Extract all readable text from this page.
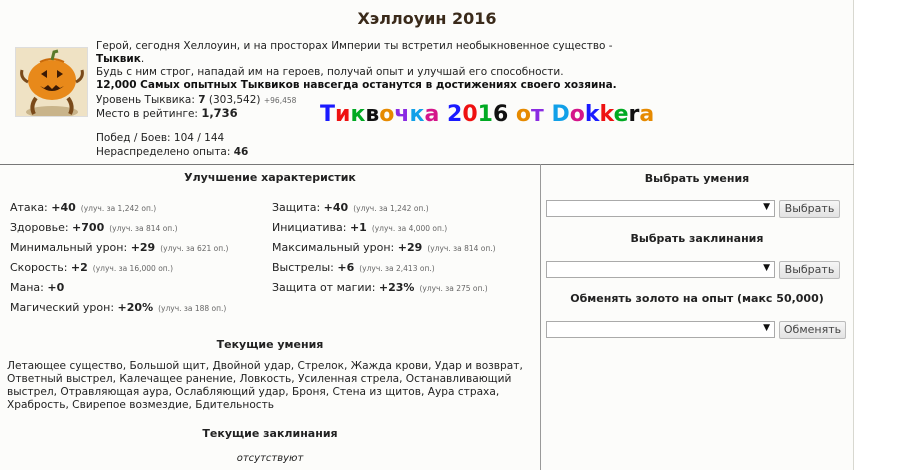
Хэллоуин 2016
Герой, сегодня Хеллоуин, и на просторах Империи ты встретил необыкновенное существо - Тыквик.
Будь с ним строг, нападай им на героев, получай опыт и улучшай его способности.
12,000 Самых опытных Тыквиков навсегда останутся в достижениях своего хозяина.
Уровень Тыквика: 7 (303,542) +96,458
Место в рейтинге: 1,736
Побед / Боев: 104 / 144
Нераспределено опыта: 46
Тиквочка 2016 от Dokkera
Улучшение характеристик
Атака: +40 (улуч. за 1,242 оп.)
Здоровье: +700 (улуч. за 814 оп.)
Минимальный урон: +29 (улуч. за 621 оп.)
Скорость: +2 (улуч. за 16,000 оп.)
Мана: +0
Магический урон: +20% (улуч. за 188 оп.)
Защита: +40 (улуч. за 1,242 оп.)
Инициатива: +1 (улуч. за 4,000 оп.)
Максимальный урон: +29 (улуч. за 814 оп.)
Выстрелы: +6 (улуч. за 2,413 оп.)
Защита от магии: +23% (улуч. за 275 оп.)
Текущие умения
Летающее существо, Большой щит, Двойной удар, Стрелок, Жажда крови, Удар и возврат, Ответный выстрел, Калечащее ранение, Ловкость, Усиленная стрела, Останавливающий выстрел, Отравляющая аура, Ослабляющий удар, Броня, Стена из щитов, Аура страха, Храбрость, Свирепое возмездие, Бдительность
Текущие заклинания
отсутствуют
Выбрать умения
▼	Выбрать
Выбрать заклинания
▼	Выбрать
Обменять золото на опыт (макс 50,000)
▼	Обменять
